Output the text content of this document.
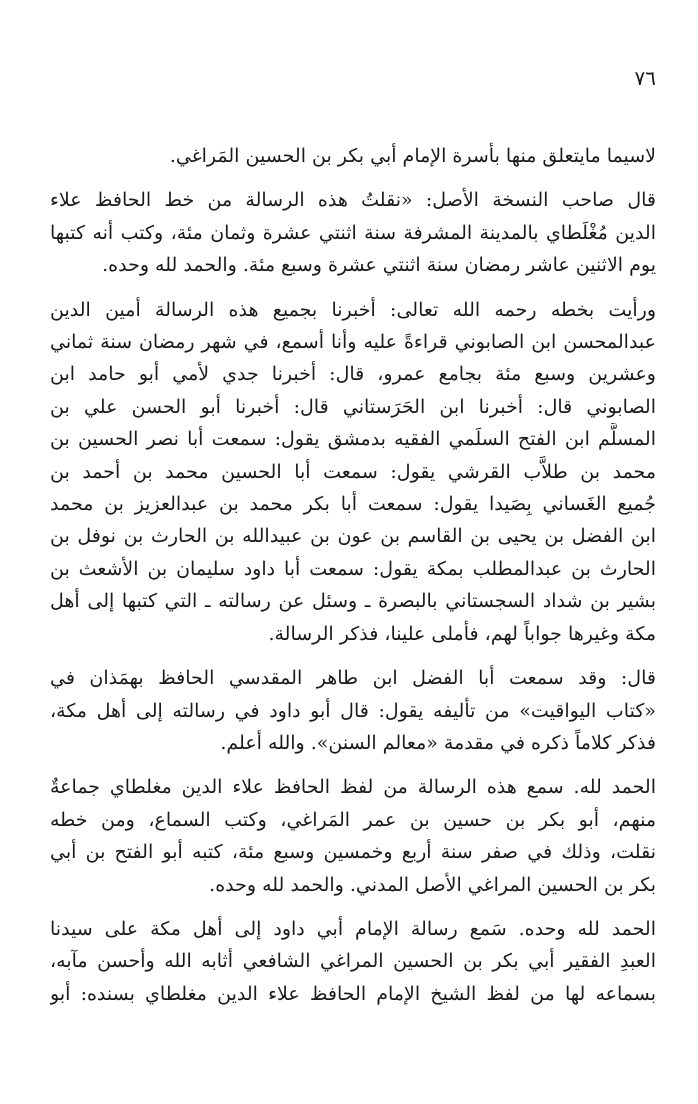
٧٦

لاسيما مايتعلق منها بأسرة الإمام أبي بكر بن الحسين المَراغي.

قال صاحب النسخة الأصل: «نقلتُ هذه الرسالة من خط الحافظ علاء
الدين مُغْلَطاي بالمدينة المشرفة سنة اثنتي عشرة وثمان مئة، وكتب أنه كتبها
يوم الاثنين عاشر رمضان سنة اثنتي عشرة وسبع مئة. والحمد لله وحده.

ورأيت بخطه رحمه الله تعالى: أخبرنا بجميع هذه الرسالة أمين الدين
عبدالمحسن ابن الصابوني قراءةً عليه وأنا أسمع، في شهر رمضان سنة ثماني
وعشرين وسبع مئة بجامع عمرو، قال: أخبرنا جدي لأمي أبو حامد ابن
الصابوني قال: أخبرنا ابن الحَرَستاني قال: أخبرنا أبو الحسن علي بن
المسلَّم ابن الفتح السلَمي الفقيه بدمشق يقول: سمعت أبا نصر الحسين بن
محمد بن طلاَّب القرشي يقول: سمعت أبا الحسين محمد بن أحمد بن
جُميع الغَساني بِصَيدا يقول: سمعت أبا بكر محمد بن عبدالعزيز بن محمد
ابن الفضل بن يحيى بن القاسم بن عون بن عبيدالله بن الحارث بن نوفل بن
الحارث بن عبدالمطلب بمكة يقول: سمعت أبا داود سليمان بن الأشعث بن
بشير بن شداد السجستاني بالبصرة ـ وسئل عن رسالته ـ التي كتبها إلى أهل
مكة وغيرها جواباً لهم، فأملى علينا، فذكر الرسالة.

قال: وقد سمعت أبا الفضل ابن طاهر المقدسي الحافظ بهمَذان في
«كتاب اليواقيت» من تأليفه يقول: قال أبو داود في رسالته إلى أهل مكة،
فذكر كلاماً ذكره في مقدمة «معالم السنن». والله أعلم.

الحمد لله. سمع هذه الرسالة من لفظ الحافظ علاء الدين مغلطاي جماعةٌ
منهم، أبو بكر بن حسين بن عمر المَراغي، وكتب السماع، ومن خطه
نقلت، وذلك في صفر سنة أربع وخمسين وسبع مئة، كتبه أبو الفتح بن أبي
بكر بن الحسين المراغي الأصل المدني. والحمد لله وحده.

الحمد لله وحده. سَمع رسالة الإمام أبي داود إلى أهل مكة على سيدنا
العبدِ الفقير أبي بكر بن الحسين المراغي الشافعي أثابه الله وأحسن مآبه،
بسماعه لها من لفظ الشيخ الإمام الحافظ علاء الدين مغلطاي بسنده: أبو
